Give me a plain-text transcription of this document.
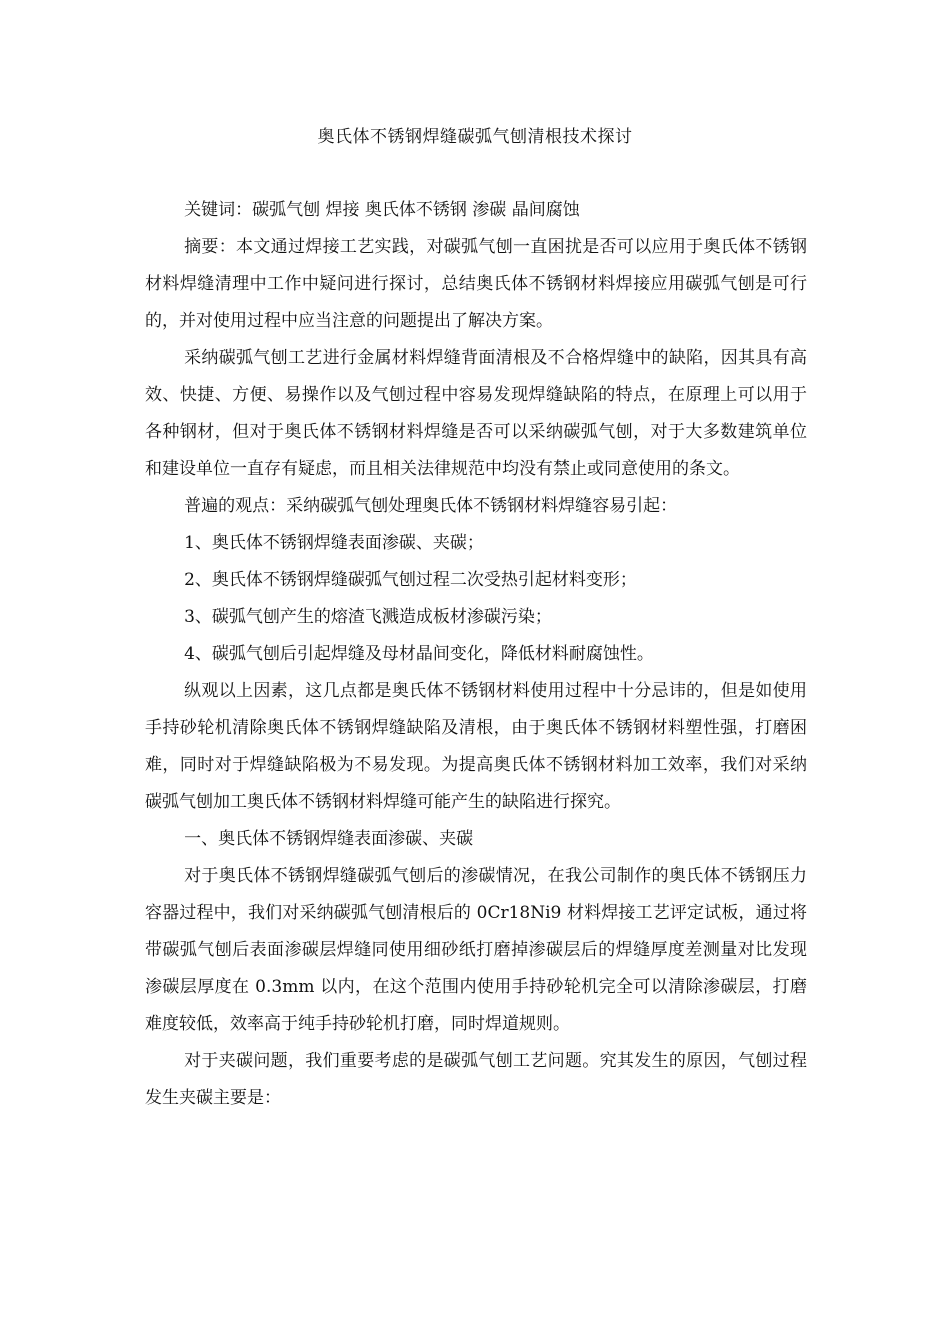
奥氏体不锈钢焊缝碳弧气刨清根技术探讨

关键词：碳弧气刨 焊接 奥氏体不锈钢 渗碳 晶间腐蚀

摘要：本文通过焊接工艺实践，对碳弧气刨一直困扰是否可以应用于奥氏体不锈钢材料焊缝清理中工作中疑问进行探讨，总结奥氏体不锈钢材料焊接应用碳弧气刨是可行的，并对使用过程中应当注意的问题提出了解决方案。

采纳碳弧气刨工艺进行金属材料焊缝背面清根及不合格焊缝中的缺陷，因其具有高效、快捷、方便、易操作以及气刨过程中容易发现焊缝缺陷的特点，在原理上可以用于各种钢材，但对于奥氏体不锈钢材料焊缝是否可以采纳碳弧气刨，对于大多数建筑单位和建设单位一直存有疑虑，而且相关法律规范中均没有禁止或同意使用的条文。

普遍的观点：采纳碳弧气刨处理奥氏体不锈钢材料焊缝容易引起：

1、奥氏体不锈钢焊缝表面渗碳、夹碳；

2、奥氏体不锈钢焊缝碳弧气刨过程二次受热引起材料变形；

3、碳弧气刨产生的熔渣飞溅造成板材渗碳污染；

4、碳弧气刨后引起焊缝及母材晶间变化，降低材料耐腐蚀性。

纵观以上因素，这几点都是奥氏体不锈钢材料使用过程中十分忌讳的，但是如使用手持砂轮机清除奥氏体不锈钢焊缝缺陷及清根，由于奥氏体不锈钢材料塑性强，打磨困难，同时对于焊缝缺陷极为不易发现。为提高奥氏体不锈钢材料加工效率，我们对采纳碳弧气刨加工奥氏体不锈钢材料焊缝可能产生的缺陷进行探究。

一、奥氏体不锈钢焊缝表面渗碳、夹碳

对于奥氏体不锈钢焊缝碳弧气刨后的渗碳情况，在我公司制作的奥氏体不锈钢压力容器过程中，我们对采纳碳弧气刨清根后的 0Cr18Ni9 材料焊接工艺评定试板，通过将带碳弧气刨后表面渗碳层焊缝同使用细砂纸打磨掉渗碳层后的焊缝厚度差测量对比发现渗碳层厚度在 0.3mm 以内，在这个范围内使用手持砂轮机完全可以清除渗碳层，打磨难度较低，效率高于纯手持砂轮机打磨，同时焊道规则。

对于夹碳问题，我们重要考虑的是碳弧气刨工艺问题。究其发生的原因，气刨过程发生夹碳主要是：
